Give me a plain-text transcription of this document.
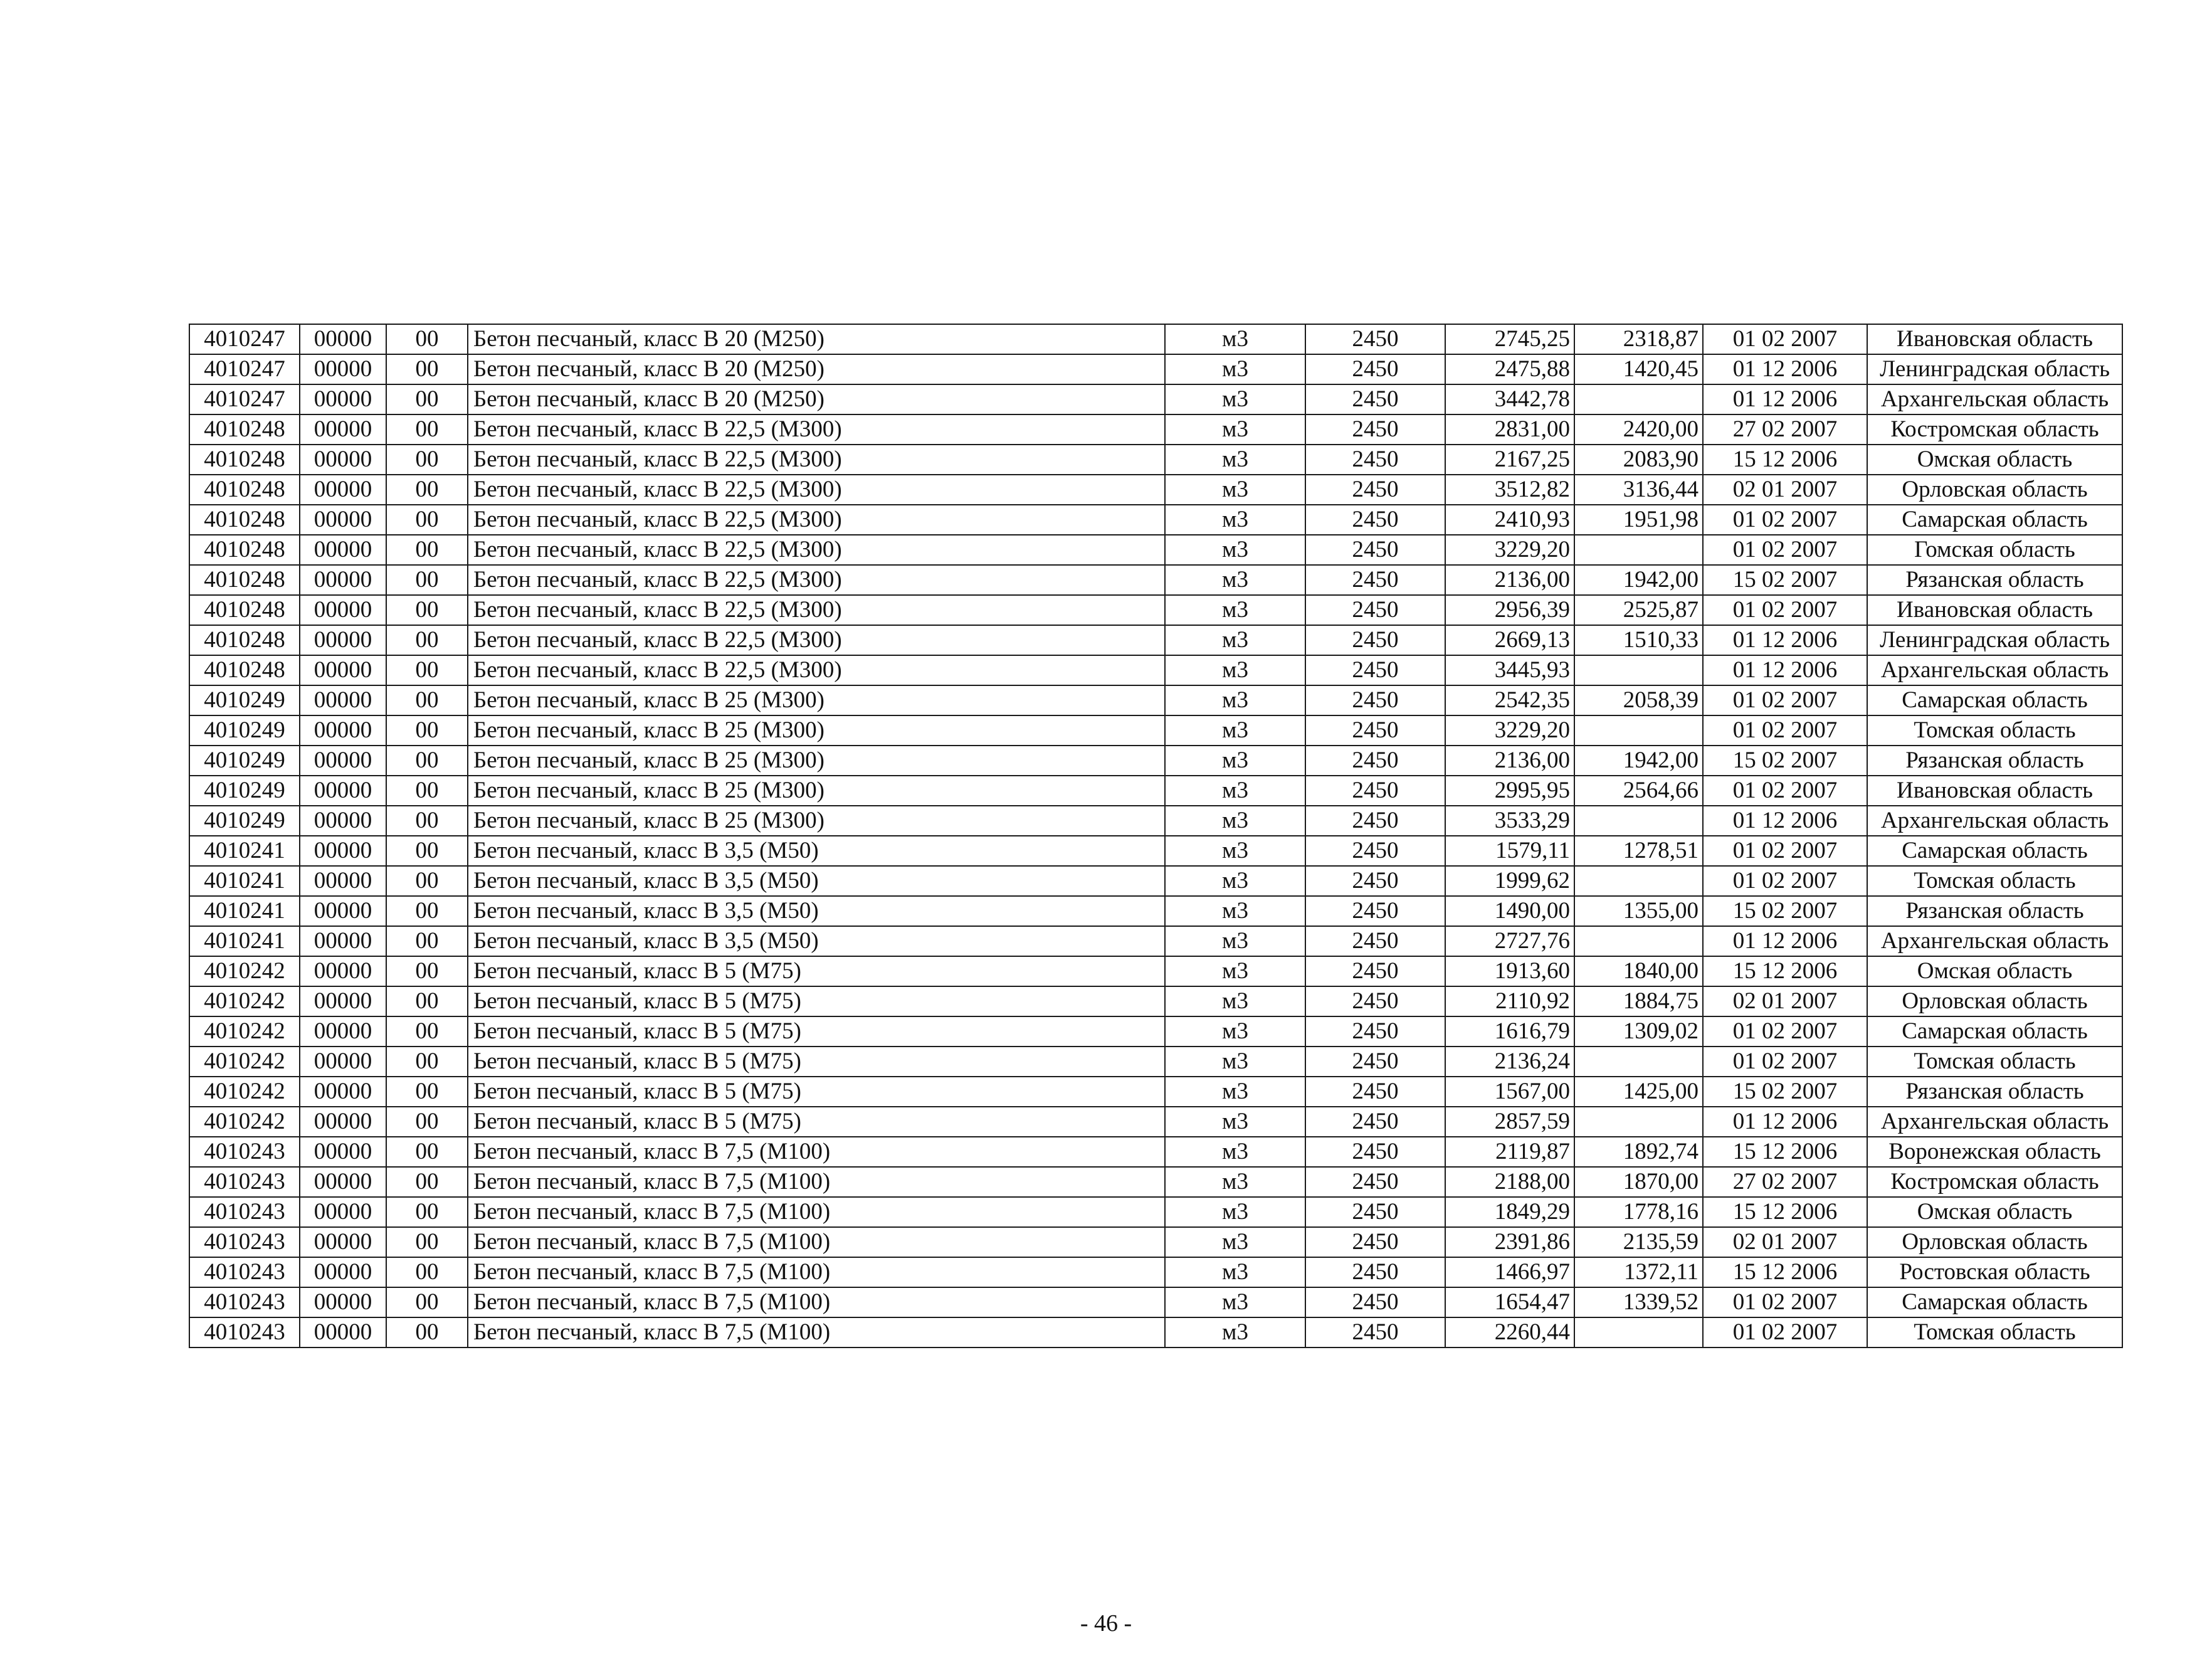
4010247	00000	00	Бетон песчаный, класс В 20 (М250)	м3	2450	2745,25	2318,87	01 02 2007	Ивановская область
4010247	00000	00	Бетон песчаный, класс В 20 (М250)	м3	2450	2475,88	1420,45	01 12 2006	Ленинградская область
4010247	00000	00	Бетон песчаный, класс В 20 (М250)	м3	2450	3442,78		01 12 2006	Архангельская область
4010248	00000	00	Бетон песчаный, класс В 22,5 (М300)	м3	2450	2831,00	2420,00	27 02 2007	Костромская область
4010248	00000	00	Бетон песчаный, класс В 22,5 (М300)	м3	2450	2167,25	2083,90	15 12 2006	Омская область
4010248	00000	00	Бетон песчаный, класс В 22,5 (М300)	м3	2450	3512,82	3136,44	02 01 2007	Орловская область
4010248	00000	00	Бетон песчаный, класс В 22,5 (М300)	м3	2450	2410,93	1951,98	01 02 2007	Самарская область
4010248	00000	00	Бетон песчаный, класс В 22,5 (М300)	м3	2450	3229,20		01 02 2007	Гомская область
4010248	00000	00	Бетон песчаный, класс В 22,5 (М300)	м3	2450	2136,00	1942,00	15 02 2007	Рязанская область
4010248	00000	00	Бетон песчаный, класс В 22,5 (М300)	м3	2450	2956,39	2525,87	01 02 2007	Ивановская область
4010248	00000	00	Бетон песчаный, класс В 22,5 (М300)	м3	2450	2669,13	1510,33	01 12 2006	Ленинградская область
4010248	00000	00	Бетон песчаный, класс В 22,5 (М300)	м3	2450	3445,93		01 12 2006	Архангельская область
4010249	00000	00	Бетон песчаный, класс В 25 (М300)	м3	2450	2542,35	2058,39	01 02 2007	Самарская область
4010249	00000	00	Бетон песчаный, класс В 25 (М300)	м3	2450	3229,20		01 02 2007	Томская область
4010249	00000	00	Бетон песчаный, класс В 25 (М300)	м3	2450	2136,00	1942,00	15 02 2007	Рязанская область
4010249	00000	00	Бетон песчаный, класс В 25 (М300)	м3	2450	2995,95	2564,66	01 02 2007	Ивановская область
4010249	00000	00	Бетон песчаный, класс В 25 (М300)	м3	2450	3533,29		01 12 2006	Архангельская область
4010241	00000	00	Бетон песчаный, класс В 3,5 (М50)	м3	2450	1579,11	1278,51	01 02 2007	Самарская область
4010241	00000	00	Бетон песчаный, класс В 3,5 (М50)	м3	2450	1999,62		01 02 2007	Томская область
4010241	00000	00	Бетон песчаный, класс В 3,5 (М50)	м3	2450	1490,00	1355,00	15 02 2007	Рязанская область
4010241	00000	00	Бетон песчаный, класс В 3,5 (М50)	м3	2450	2727,76		01 12 2006	Архангельская область
4010242	00000	00	Бетон песчаный, класс В 5 (М75)	м3	2450	1913,60	1840,00	15 12 2006	Омская область
4010242	00000	00	Ьетон песчаный, класс В 5 (М75)	м3	2450	2110,92	1884,75	02 01 2007	Орловская область
4010242	00000	00	Бетон песчаный, класс В 5 (М75)	м3	2450	1616,79	1309,02	01 02 2007	Самарская область
4010242	00000	00	Ьетон песчаный, класс В 5 (М75)	м3	2450	2136,24		01 02 2007	Томская область
4010242	00000	00	Бетон песчаный, класс В 5 (М75)	м3	2450	1567,00	1425,00	15 02 2007	Рязанская область
4010242	00000	00	Бетон песчаный, класс В 5 (М75)	м3	2450	2857,59		01 12 2006	Архангельская область
4010243	00000	00	Бетон песчаный, класс В 7,5 (М100)	м3	2450	2119,87	1892,74	15 12 2006	Воронежская область
4010243	00000	00	Бетон песчаный, класс В 7,5 (М100)	м3	2450	2188,00	1870,00	27 02 2007	Костромская область
4010243	00000	00	Бетон песчаный, класс В 7,5 (М100)	м3	2450	1849,29	1778,16	15 12 2006	Омская область
4010243	00000	00	Бетон песчаный, класс В 7,5 (М100)	м3	2450	2391,86	2135,59	02 01 2007	Орловская область
4010243	00000	00	Бетон песчаный, класс В 7,5 (М100)	м3	2450	1466,97	1372,11	15 12 2006	Ростовская область
4010243	00000	00	Бетон песчаный, класс В 7,5 (М100)	м3	2450	1654,47	1339,52	01 02 2007	Самарская область
4010243	00000	00	Бетон песчаный, класс В 7,5 (М100)	м3	2450	2260,44		01 02 2007	Томская область
- 46 -
